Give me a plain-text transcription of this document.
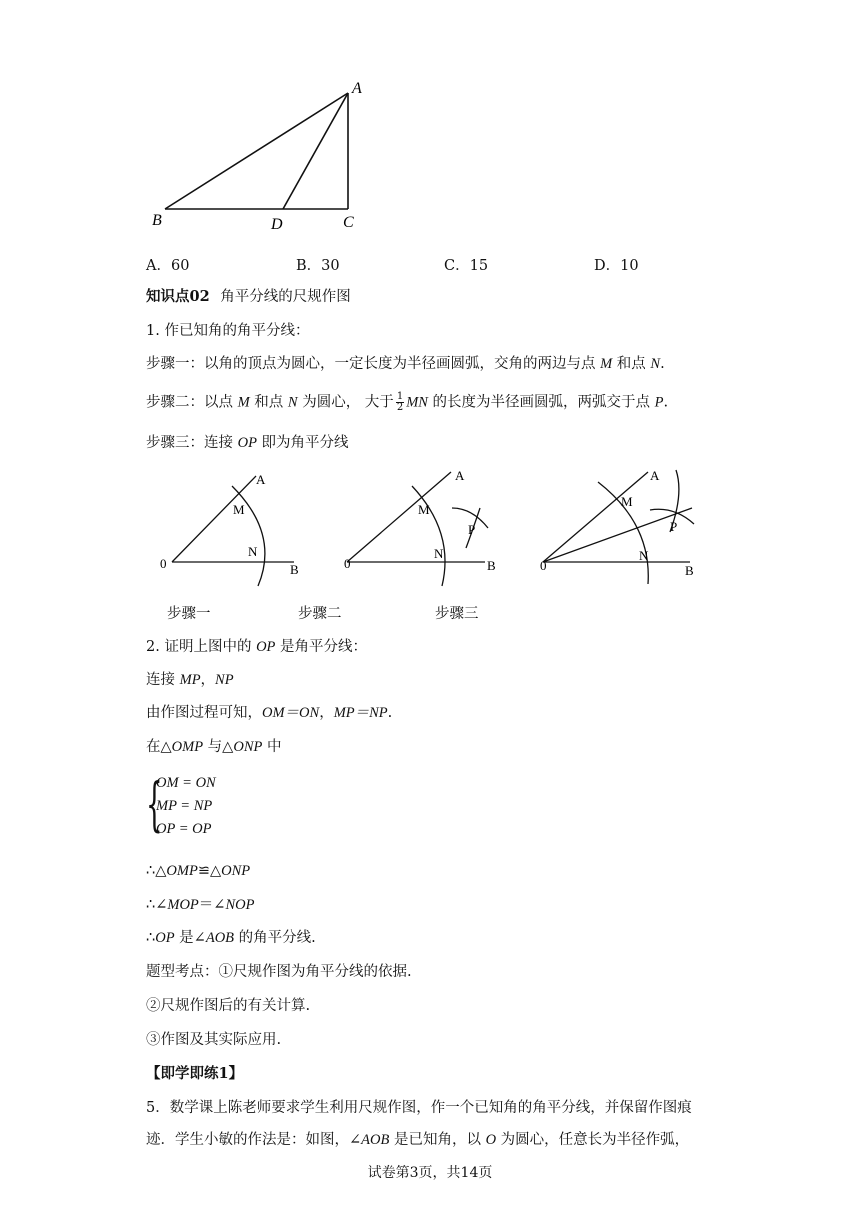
A
B	D	C
A．60	B．30	C．15	D．10
知识点02 角平分线的尺规作图
1. 作已知角的角平分线：
步骤一：以角的顶点为圆心，一定长度为半径画圆弧，交角的两边与点 M 和点 N.
步骤二：以点 M 和点 N 为圆心， 大于 $\frac{1}{2}$ MN 的长度为半径画圆弧，两弧交于点 P.
步骤三：连接 OP 即为角平分线
0
A
M
N
B	0
A
M
N
P
B	0
A
M
N
P
B
步骤一	步骤二	步骤三
2. 证明上图中的 OP 是角平分线：
连接 MP，NP
由作图过程可知，OM＝ON，MP＝NP.
在△OMP 与△ONP 中
{
OM = ON
MP = NP
OP = OP
∴△OMP≌△ONP
∴∠MOP＝∠NOP
∴OP 是∠AOB 的角平分线.
题型考点：①尺规作图为角平分线的依据.
②尺规作图后的有关计算.
③作图及其实际应用.
【即学即练1】
5．数学课上陈老师要求学生利用尺规作图，作一个已知角的角平分线，并保留作图痕
迹．学生小敏的作法是：如图，∠AOB 是已知角，以 O 为圆心，任意长为半径作弧，
试卷第3页，共14页
